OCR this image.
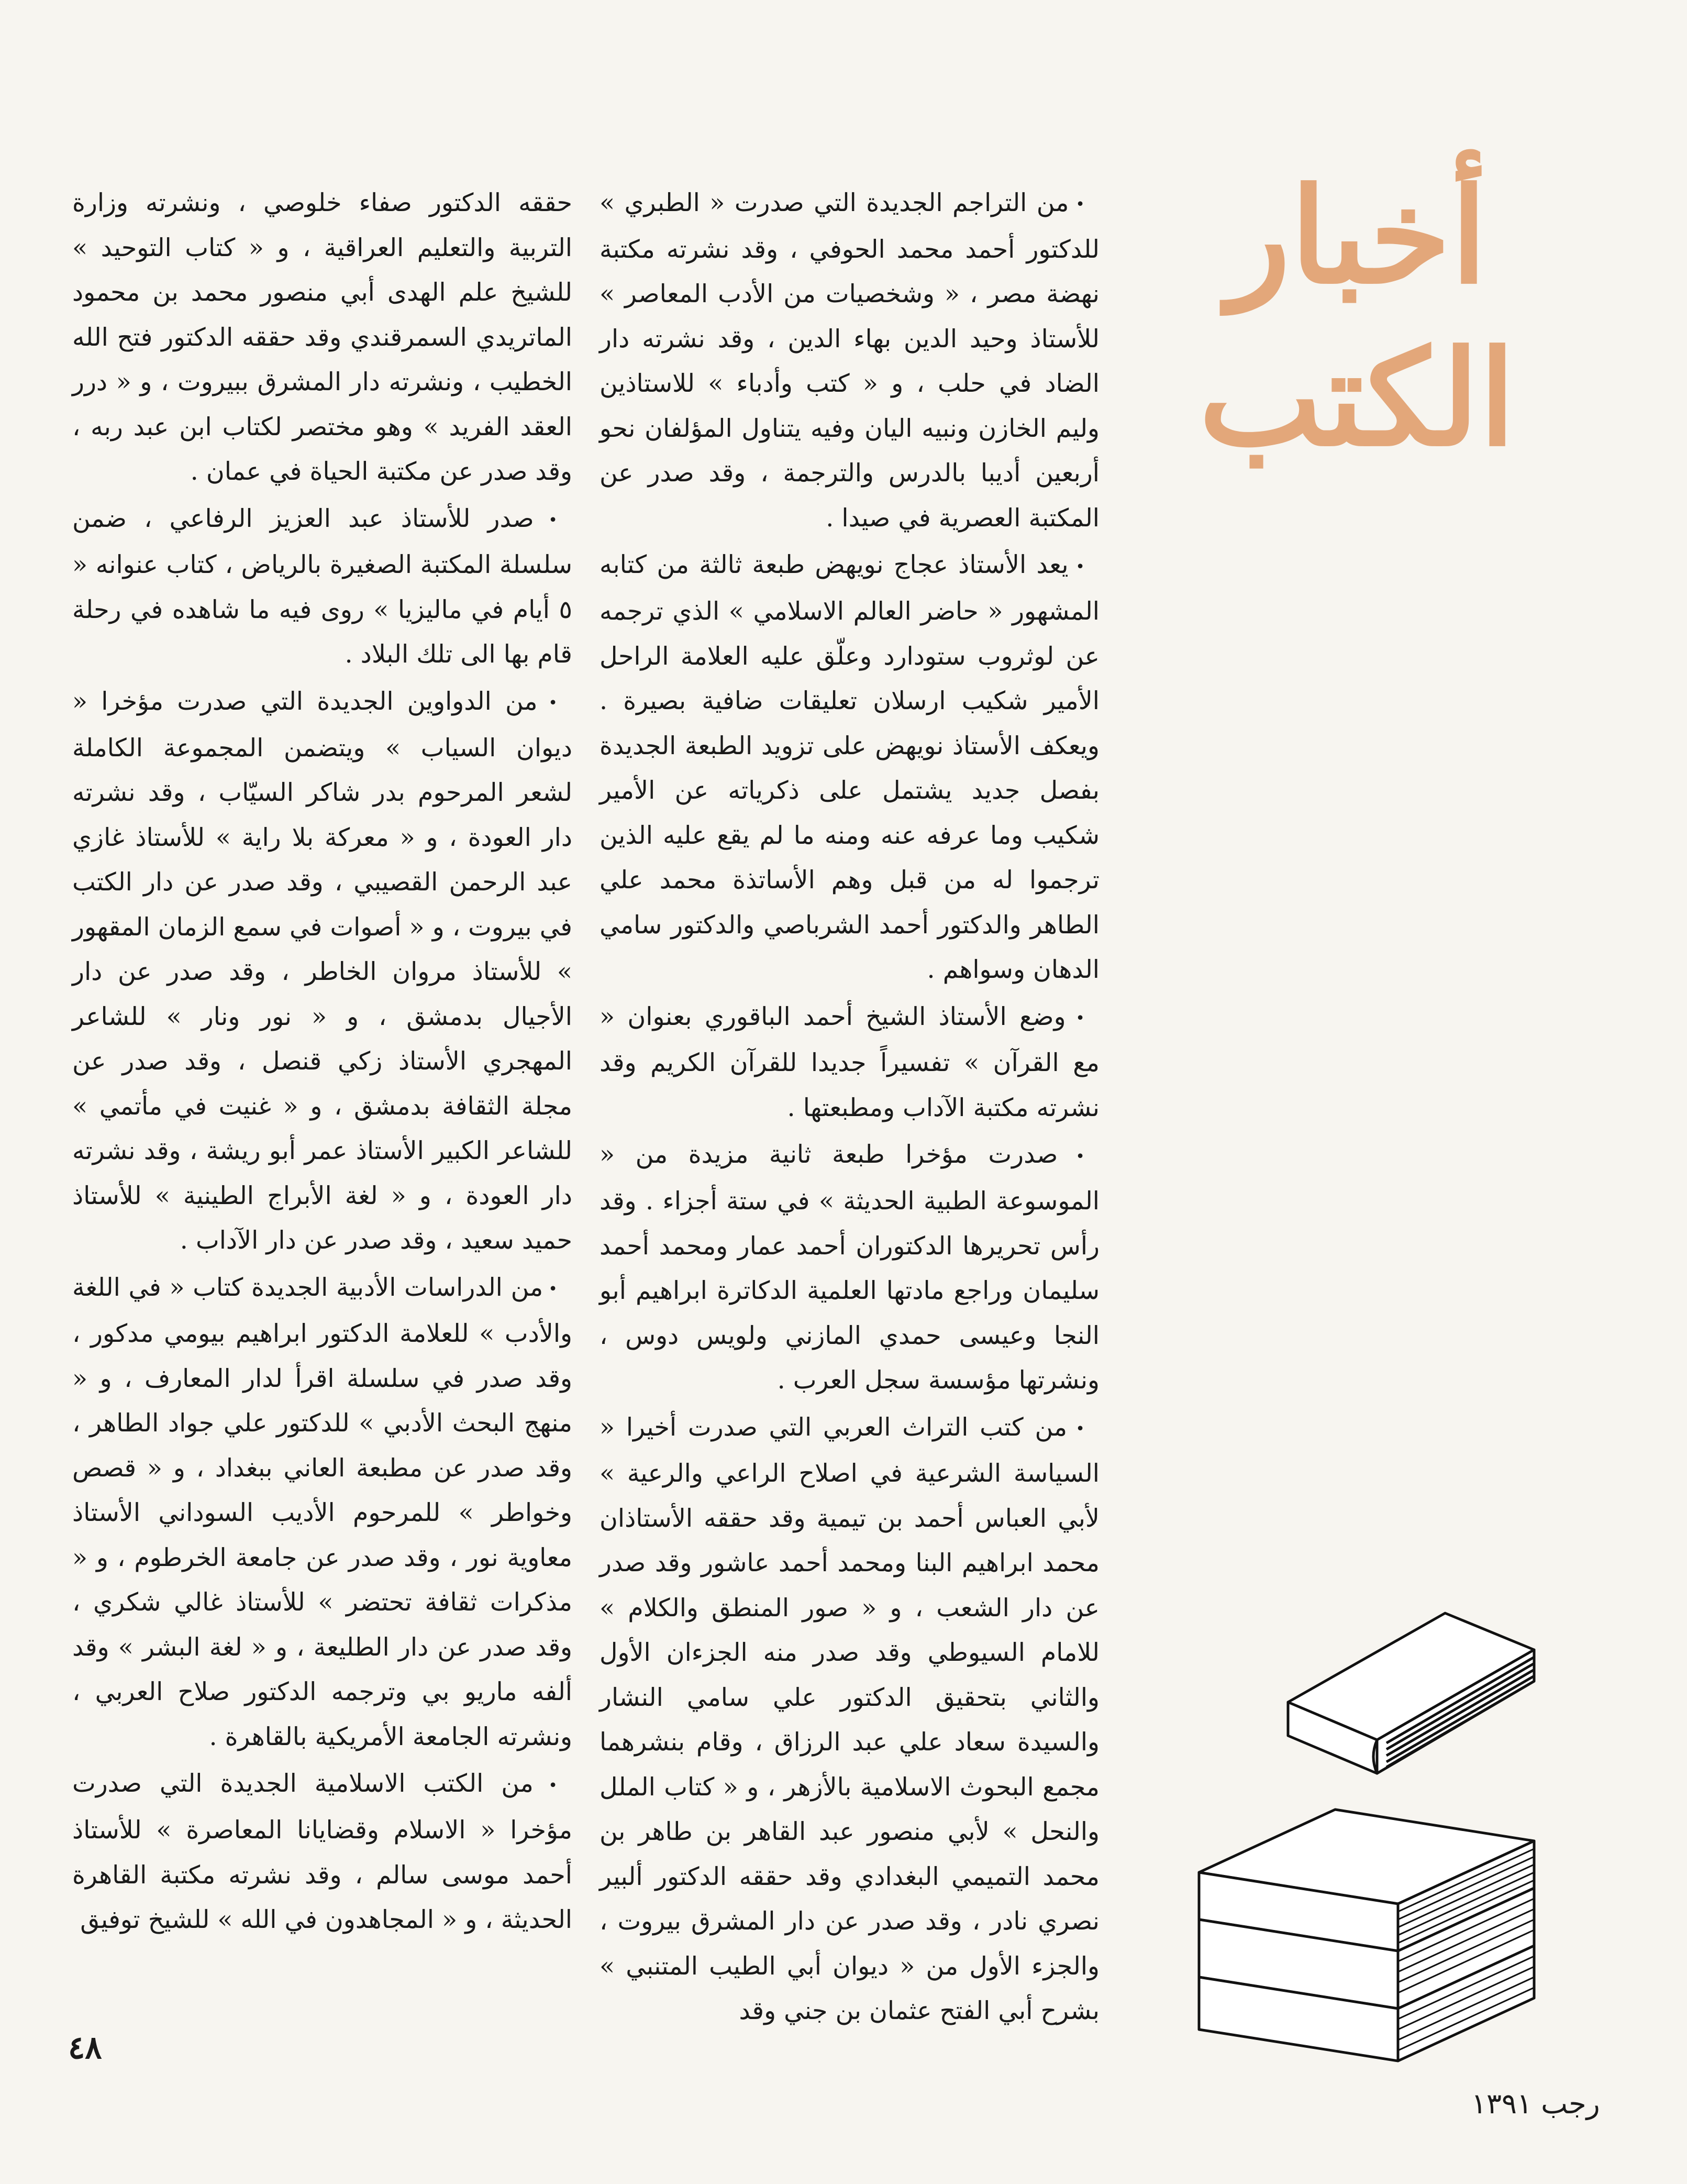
أخبار
الكتب

• من التراجم الجديدة التي صدرت « الطبري » للدكتور أحمد محمد الحوفي ، وقد نشرته مكتبة نهضة مصر ، « وشخصيات من الأدب المعاصر » للأستاذ وحيد الدين بهاء الدين ، وقد نشرته دار الضاد في حلب ، و « كتب وأدباء » للاستاذين وليم الخازن ونبيه اليان وفيه يتناول المؤلفان نحو أربعين أديبا بالدرس والترجمة ، وقد صدر عن المكتبة العصرية في صيدا .

• يعد الأستاذ عجاج نويهض طبعة ثالثة من كتابه المشهور « حاضر العالم الاسلامي » الذي ترجمه عن لوثروب ستودارد وعلّق عليه العلامة الراحل الأمير شكيب ارسلان تعليقات ضافية بصيرة . ويعكف الأستاذ نويهض على تزويد الطبعة الجديدة بفصل جديد يشتمل على ذكرياته عن الأمير شكيب وما عرفه عنه ومنه ما لم يقع عليه الذين ترجموا له من قبل وهم الأساتذة محمد علي الطاهر والدكتور أحمد الشرباصي والدكتور سامي الدهان وسواهم .

• وضع الأستاذ الشيخ أحمد الباقوري بعنوان « مع القرآن » تفسيراً جديدا للقرآن الكريم وقد نشرته مكتبة الآداب ومطبعتها .

• صدرت مؤخرا طبعة ثانية مزيدة من « الموسوعة الطبية الحديثة » في ستة أجزاء . وقد رأس تحريرها الدكتوران أحمد عمار ومحمد أحمد سليمان وراجع مادتها العلمية الدكاترة ابراهيم أبو النجا وعيسى حمدي المازني ولويس دوس ، ونشرتها مؤسسة سجل العرب .

• من كتب التراث العربي التي صدرت أخيرا « السياسة الشرعية في اصلاح الراعي والرعية » لأبي العباس أحمد بن تيمية وقد حققه الأستاذان محمد ابراهيم البنا ومحمد أحمد عاشور وقد صدر عن دار الشعب ، و « صور المنطق والكلام » للامام السيوطي وقد صدر منه الجزءان الأول والثاني بتحقيق الدكتور علي سامي النشار والسيدة سعاد علي عبد الرزاق ، وقام بنشرهما مجمع البحوث الاسلامية بالأزهر ، و « كتاب الملل والنحل » لأبي منصور عبد القاهر بن طاهر بن محمد التميمي البغدادي وقد حققه الدكتور ألبير نصري نادر ، وقد صدر عن دار المشرق بيروت ، والجزء الأول من « ديوان أبي الطيب المتنبي » بشرح أبي الفتح عثمان بن جني وقد

حققه الدكتور صفاء خلوصي ، ونشرته وزارة التربية والتعليم العراقية ، و « كتاب التوحيد » للشيخ علم الهدى أبي منصور محمد بن محمود الماتريدي السمرقندي وقد حققه الدكتور فتح الله الخطيب ، ونشرته دار المشرق ببيروت ، و « درر العقد الفريد » وهو مختصر لكتاب ابن عبد ربه ، وقد صدر عن مكتبة الحياة في عمان .

• صدر للأستاذ عبد العزيز الرفاعي ، ضمن سلسلة المكتبة الصغيرة بالرياض ، كتاب عنوانه « ٥ أيام في ماليزيا » روى فيه ما شاهده في رحلة قام بها الى تلك البلاد .

• من الدواوين الجديدة التي صدرت مؤخرا « ديوان السياب » ويتضمن المجموعة الكاملة لشعر المرحوم بدر شاكر السيّاب ، وقد نشرته دار العودة ، و « معركة بلا راية » للأستاذ غازي عبد الرحمن القصيبي ، وقد صدر عن دار الكتب في بيروت ، و « أصوات في سمع الزمان المقهور » للأستاذ مروان الخاطر ، وقد صدر عن دار الأجيال بدمشق ، و « نور ونار » للشاعر المهجري الأستاذ زكي قنصل ، وقد صدر عن مجلة الثقافة بدمشق ، و « غنيت في مأتمي » للشاعر الكبير الأستاذ عمر أبو ريشة ، وقد نشرته دار العودة ، و « لغة الأبراج الطينية » للأستاذ حميد سعيد ، وقد صدر عن دار الآداب .

• من الدراسات الأدبية الجديدة كتاب « في اللغة والأدب » للعلامة الدكتور ابراهيم بيومي مدكور ، وقد صدر في سلسلة اقرأ لدار المعارف ، و « منهج البحث الأدبي » للدكتور علي جواد الطاهر ، وقد صدر عن مطبعة العاني ببغداد ، و « قصص وخواطر » للمرحوم الأديب السوداني الأستاذ معاوية نور ، وقد صدر عن جامعة الخرطوم ، و « مذكرات ثقافة تحتضر » للأستاذ غالي شكري ، وقد صدر عن دار الطليعة ، و « لغة البشر » وقد ألفه ماريو بي وترجمه الدكتور صلاح العربي ، ونشرته الجامعة الأمريكية بالقاهرة .

• من الكتب الاسلامية الجديدة التي صدرت مؤخرا « الاسلام وقضايانا المعاصرة » للأستاذ أحمد موسى سالم ، وقد نشرته مكتبة القاهرة الحديثة ، و « المجاهدون في الله » للشيخ توفيق

٤٨
رجب ١٣٩١
